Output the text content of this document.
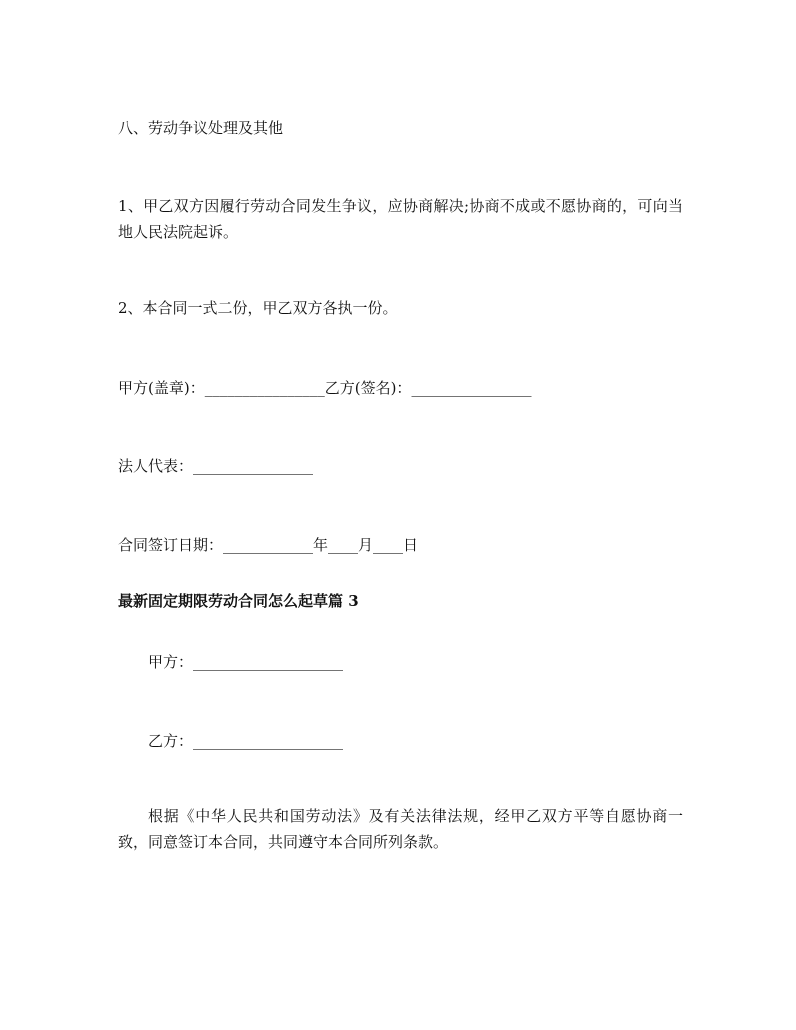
八、劳动争议处理及其他
1、甲乙双方因履行劳动合同发生争议，应协商解决;协商不成或不愿协商的，可向当地人民法院起诉。
2、本合同一式二份，甲乙双方各执一份。
甲方(盖章)：________________乙方(签名)：________________
法人代表：________________
合同签订日期：____________年____月____日
最新固定期限劳动合同怎么起草篇 3
甲方：____________________
乙方：____________________
根据《中华人民共和国劳动法》及有关法律法规，经甲乙双方平等自愿协商一致，同意签订本合同，共同遵守本合同所列条款。
